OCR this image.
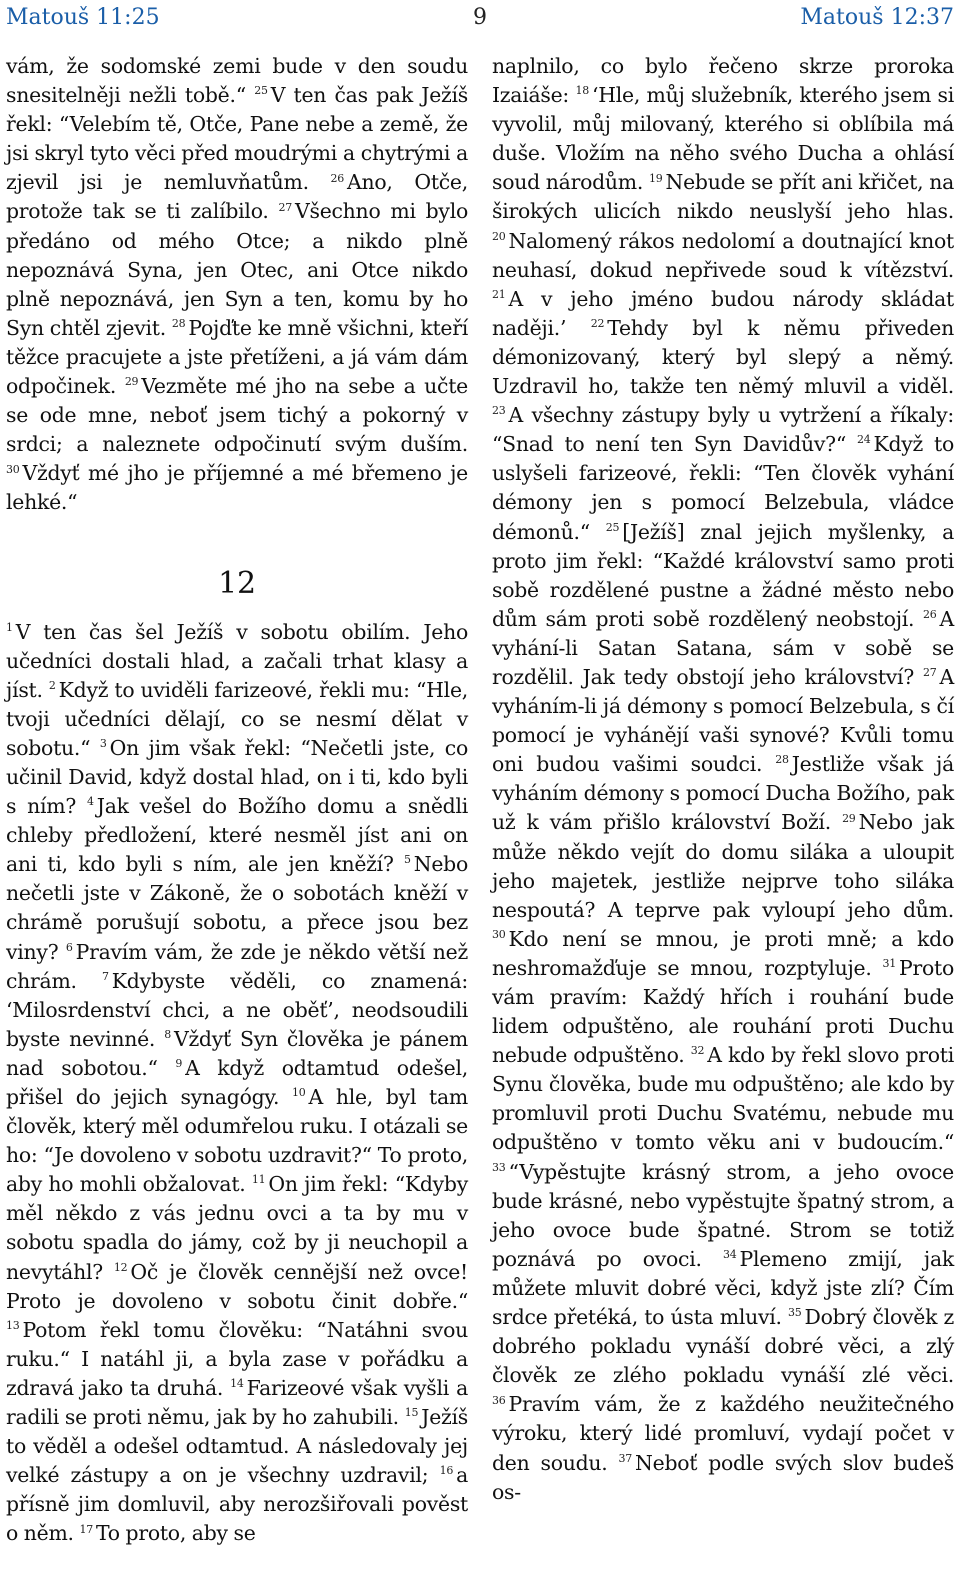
Matouš 11:25	9	Matouš 12:37

vám, že sodomské zemi bude v den soudu snesitelněji nežli tobě.“ $^{25}$ V ten čas pak Ježíš řekl: “Velebím tě, Otče, Pane nebe a země, že jsi skryl tyto věci před moudrými a chytrými a zjevil jsi je nemluvňatům. $^{26}$ Ano, Otče, protože tak se ti zalíbilo. $^{27}$ Všechno mi bylo předáno od mého Otce; a nikdo plně nepoznává Syna, jen Otec, ani Otce nikdo plně nepoznává, jen Syn a ten, komu by ho Syn chtěl zjevit. $^{28}$ Pojďte ke mně všichni, kteří těžce pracujete a jste přetíženi, a já vám dám odpočinek. $^{29}$ Vezměte mé jho na sebe a učte se ode mne, neboť jsem tichý a pokorný v srdci; a naleznete odpočinutí svým duším. $^{30}$ Vždyť mé jho je příjemné a mé břemeno je lehké.“

12

$^1$ V ten čas šel Ježíš v sobotu obilím. Jeho učedníci dostali hlad, a začali trhat klasy a jíst. $^2$ Když to uviděli farizeové, řekli mu: “Hle, tvoji učedníci dělají, co se nesmí dělat v sobotu.“ $^3$ On jim však řekl: “Nečetli jste, co učinil David, když dostal hlad, on i ti, kdo byli s ním? $^4$ Jak vešel do Božího domu a snědli chleby předložení, které nesměl jíst ani on ani ti, kdo byli s ním, ale jen kněží? $^5$ Nebo nečetli jste v Zákoně, že o sobotách kněží v chrámě porušují sobotu, a přece jsou bez viny? $^6$ Pravím vám, že zde je někdo větší než chrám. $^7$ Kdybyste věděli, co znamená: ‘Milosrdenství chci, a ne oběť’, neodsoudili byste nevinné. $^8$ Vždyť Syn člověka je pánem nad sobotou.“ $^9$ A když odtamtud odešel, přišel do jejich synagógy. $^{10}$ A hle, byl tam člověk, který měl odumřelou ruku. I otázali se ho: “Je dovoleno v sobotu uzdravit?“ To proto, aby ho mohli obžalovat. $^{11}$ On jim řekl: “Kdyby měl někdo z vás jednu ovci a ta by mu v sobotu spadla do jámy, což by ji neuchopil a nevytáhl? $^{12}$ Oč je člověk cennější než ovce! Proto je dovoleno v sobotu činit dobře.“ $^{13}$ Potom řekl tomu člověku: “Natáhni svou ruku.“ I natáhl ji, a byla zase v pořádku a zdravá jako ta druhá. $^{14}$ Farizeové však vyšli a radili se proti němu, jak by ho zahubili. $^{15}$ Ježíš to věděl a odešel odtamtud. A následovaly jej velké zástupy a on je všechny uzdravil; $^{16}$ a přísně jim domluvil, aby nerozšiřovali pověst o něm. $^{17}$ To proto, aby se

naplnilo, co bylo řečeno skrze proroka Izaiáše: $^{18}$ ‘Hle, můj služebník, kterého jsem si vyvolil, můj milovaný, kterého si oblíbila má duše. Vložím na něho svého Ducha a ohlásí soud národům. $^{19}$ Nebude se přít ani křičet, na širokých ulicích nikdo neuslyší jeho hlas. $^{20}$ Nalomený rákos nedolomí a doutnající knot neuhasí, dokud nepřivede soud k vítězství. $^{21}$ A v jeho jméno budou národy skládat naději.’ $^{22}$ Tehdy byl k němu přiveden démonizovaný, který byl slepý a němý. Uzdravil ho, takže ten němý mluvil a viděl. $^{23}$ A všechny zástupy byly u vytržení a říkaly: “Snad to není ten Syn Davidův?“ $^{24}$ Když to uslyšeli farizeové, řekli: “Ten člověk vyhání démony jen s pomocí Belzebula, vládce démonů.“ $^{25}$ [Ježíš] znal jejich myšlenky, a proto jim řekl: “Každé království samo proti sobě rozdělené pustne a žádné město nebo dům sám proti sobě rozdělený neobstojí. $^{26}$ A vyhání-li Satan Satana, sám v sobě se rozdělil. Jak tedy obstojí jeho království? $^{27}$ A vyháním-li já démony s pomocí Belzebula, s čí pomocí je vyhánějí vaši synové? Kvůli tomu oni budou vašimi soudci. $^{28}$ Jestliže však já vyháním démony s pomocí Ducha Božího, pak už k vám přišlo království Boží. $^{29}$ Nebo jak může někdo vejít do domu siláka a uloupit jeho majetek, jestliže nejprve toho siláka nespoutá? A teprve pak vyloupí jeho dům. $^{30}$ Kdo není se mnou, je proti mně; a kdo neshromažďuje se mnou, rozptyluje. $^{31}$ Proto vám pravím: Každý hřích i rouhání bude lidem odpuštěno, ale rouhání proti Duchu nebude odpuštěno. $^{32}$ A kdo by řekl slovo proti Synu člověka, bude mu odpuštěno; ale kdo by promluvil proti Duchu Svatému, nebude mu odpuštěno v tomto věku ani v budoucím.“ $^{33}$ “Vypěstujte krásný strom, a jeho ovoce bude krásné, nebo vypěstujte špatný strom, a jeho ovoce bude špatné. Strom se totiž poznává po ovoci. $^{34}$ Plemeno zmijí, jak můžete mluvit dobré věci, když jste zlí? Čím srdce přetéká, to ústa mluví. $^{35}$ Dobrý člověk z dobrého pokladu vynáší dobré věci, a zlý člověk ze zlého pokladu vynáší zlé věci. $^{36}$ Pravím vám, že z každého neužitečného výroku, který lidé promluví, vydají počet v den soudu. $^{37}$ Neboť podle svých slov budeš os-
